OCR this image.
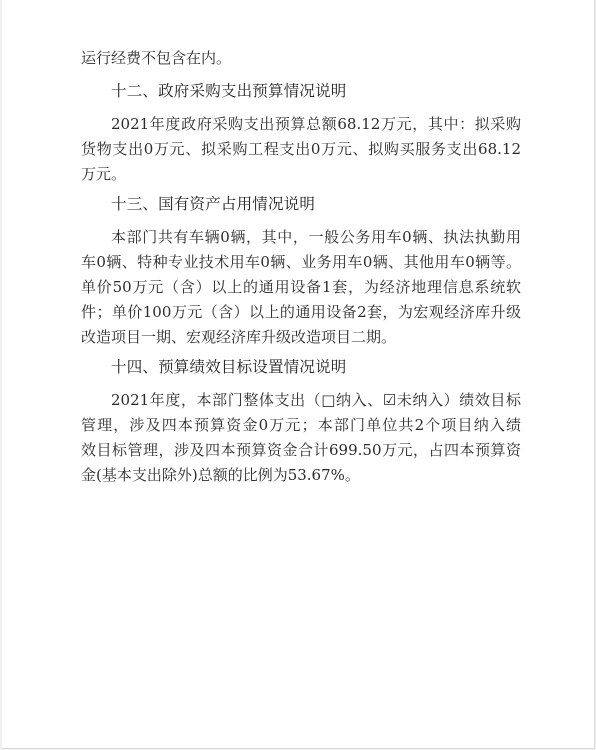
运行经费不包含在内。
十二、政府采购支出预算情况说明
2021年度政府采购支出预算总额68.12万元，其中：拟采购
货物支出0万元、拟采购工程支出0万元、拟购买服务支出68.12
万元。
十三、国有资产占用情况说明
本部门共有车辆0辆，其中，一般公务用车0辆、执法执勤用
车0辆、特种专业技术用车0辆、业务用车0辆、其他用车0辆等。
单价50万元（含）以上的通用设备1套，为经济地理信息系统软
件；单价100万元（含）以上的通用设备2套，为宏观经济库升级
改造项目一期、宏观经济库升级改造项目二期。
十四、预算绩效目标设置情况说明
2021年度，本部门整体支出（□纳入、☑未纳入）绩效目标
管理，涉及四本预算资金0万元；本部门单位共2个项目纳入绩
效目标管理，涉及四本预算资金合计699.50万元，占四本预算资
金(基本支出除外)总额的比例为53.67%。
